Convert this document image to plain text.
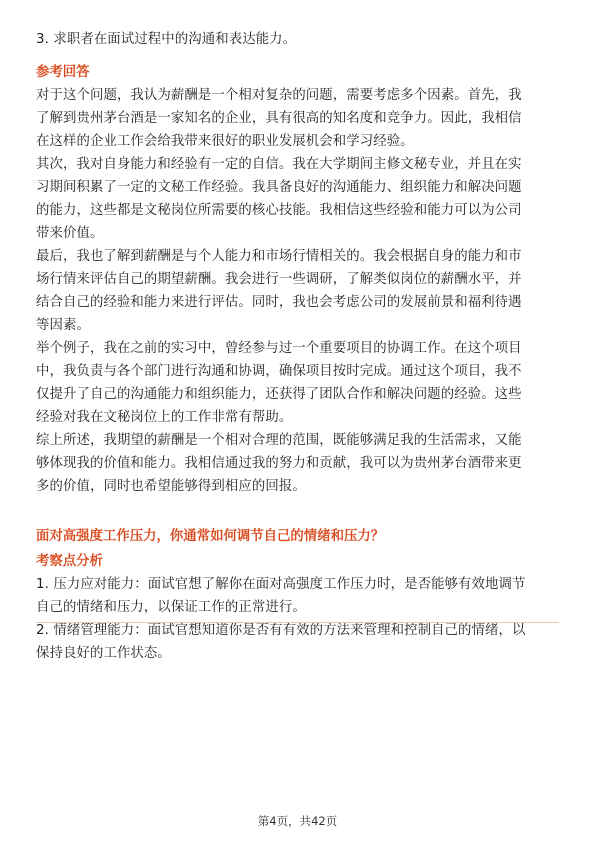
3. 求职者在面试过程中的沟通和表达能力。

参考回答

对于这个问题，我认为薪酬是一个相对复杂的问题，需要考虑多个因素。首先，我

了解到贵州茅台酒是一家知名的企业，具有很高的知名度和竞争力。因此，我相信

在这样的企业工作会给我带来很好的职业发展机会和学习经验。

其次，我对自身能力和经验有一定的自信。我在大学期间主修文秘专业，并且在实

习期间积累了一定的文秘工作经验。我具备良好的沟通能力、组织能力和解决问题

的能力，这些都是文秘岗位所需要的核心技能。我相信这些经验和能力可以为公司

带来价值。

最后，我也了解到薪酬是与个人能力和市场行情相关的。我会根据自身的能力和市

场行情来评估自己的期望薪酬。我会进行一些调研，了解类似岗位的薪酬水平，并

结合自己的经验和能力来进行评估。同时，我也会考虑公司的发展前景和福利待遇

等因素。

举个例子，我在之前的实习中，曾经参与过一个重要项目的协调工作。在这个项目

中，我负责与各个部门进行沟通和协调，确保项目按时完成。通过这个项目，我不

仅提升了自己的沟通能力和组织能力，还获得了团队合作和解决问题的经验。这些

经验对我在文秘岗位上的工作非常有帮助。

综上所述，我期望的薪酬是一个相对合理的范围，既能够满足我的生活需求，又能

够体现我的价值和能力。我相信通过我的努力和贡献，我可以为贵州茅台酒带来更

多的价值，同时也希望能够得到相应的回报。

面对高强度工作压力，你通常如何调节自己的情绪和压力？

考察点分析

1. 压力应对能力：面试官想了解你在面对高强度工作压力时，是否能够有效地调节

自己的情绪和压力，以保证工作的正常进行。

2. 情绪管理能力：面试官想知道你是否有有效的方法来管理和控制自己的情绪，以

保持良好的工作状态。

第4页，共42页
